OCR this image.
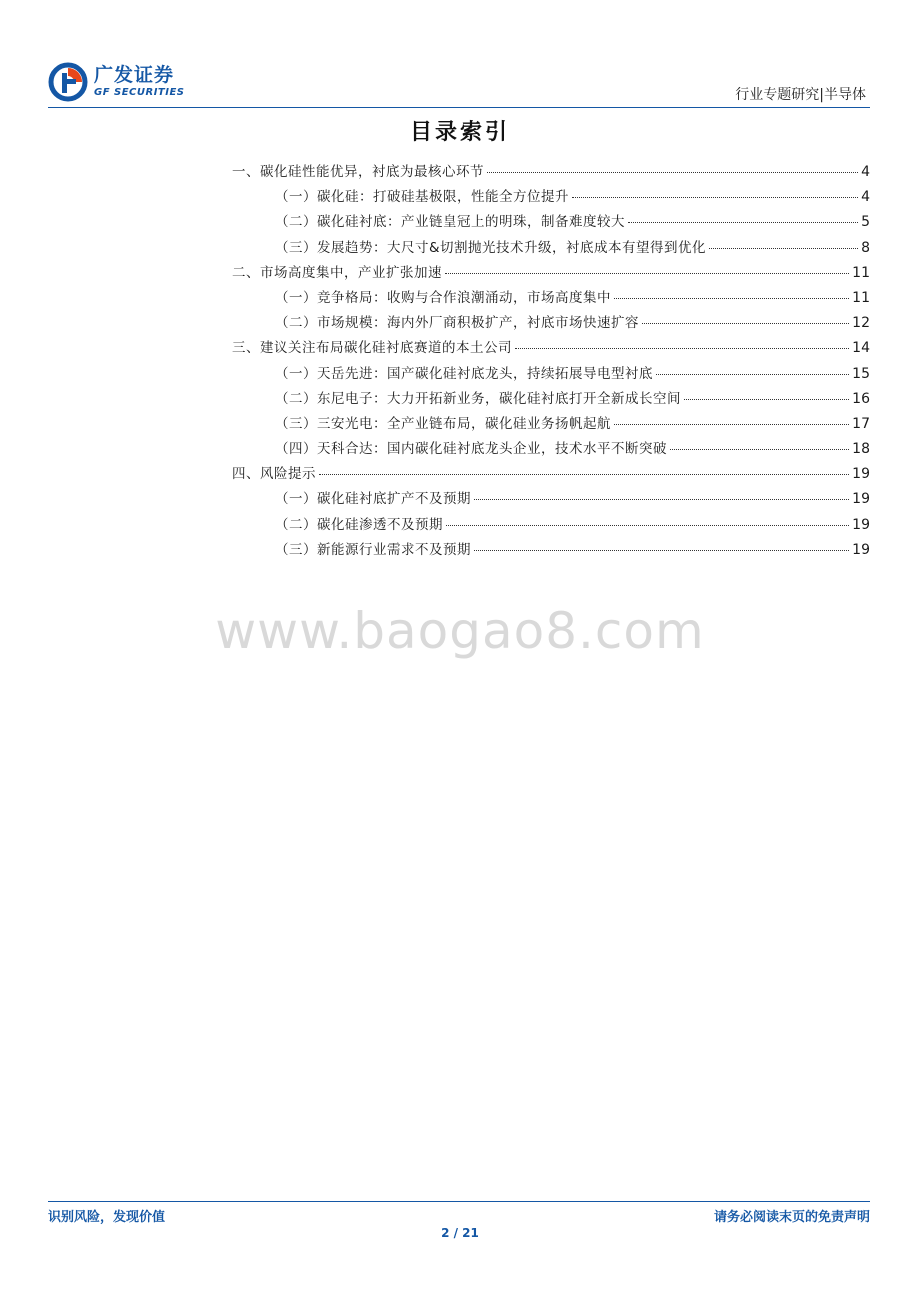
广发证券
GF SECURITIES	行业专题研究|半导体
目录索引
一、碳化硅性能优异，衬底为最核心环节	4
（一）碳化硅：打破硅基极限，性能全方位提升	4
（二）碳化硅衬底：产业链皇冠上的明珠，制备难度较大	5
（三）发展趋势：大尺寸&切割抛光技术升级，衬底成本有望得到优化	8
二、市场高度集中，产业扩张加速	11
（一）竞争格局：收购与合作浪潮涌动，市场高度集中	11
（二）市场规模：海内外厂商积极扩产，衬底市场快速扩容	12
三、建议关注布局碳化硅衬底赛道的本土公司	14
（一）天岳先进：国产碳化硅衬底龙头，持续拓展导电型衬底	15
（二）东尼电子：大力开拓新业务，碳化硅衬底打开全新成长空间	16
（三）三安光电：全产业链布局，碳化硅业务扬帆起航	17
（四）天科合达：国内碳化硅衬底龙头企业，技术水平不断突破	18
四、风险提示	19
（一）碳化硅衬底扩产不及预期	19
（二）碳化硅渗透不及预期	19
（三）新能源行业需求不及预期	19
www.baogao8.com
识别风险，发现价值	请务必阅读末页的免责声明
2 / 21
